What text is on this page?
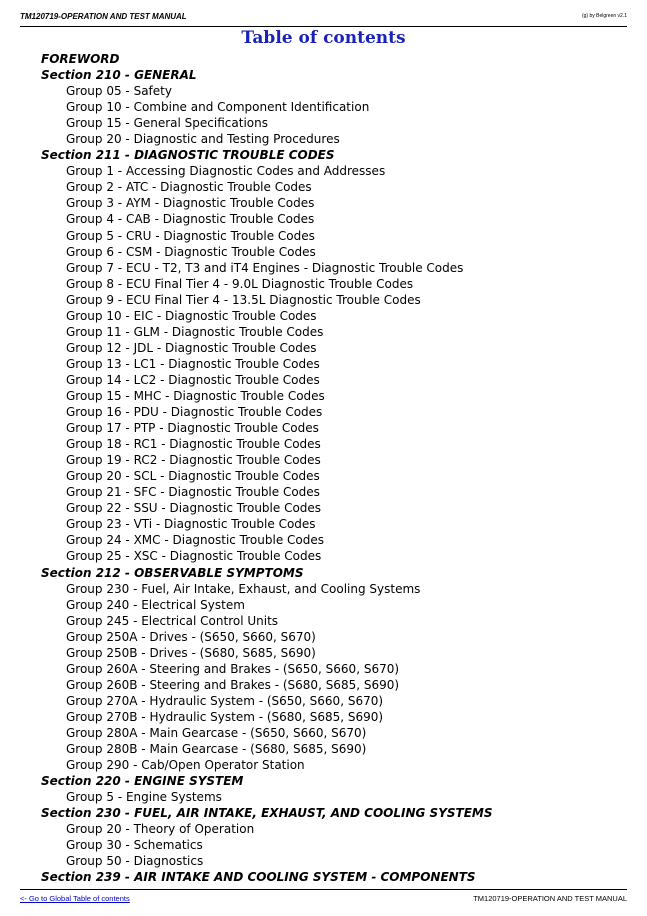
TM120719-OPERATION AND TEST MANUAL	(g) by Belgreen v2.1
Table of contents
FOREWORD
Section 210 - GENERAL
Group 05 - Safety
Group 10 - Combine and Component Identification
Group 15 - General Specifications
Group 20 - Diagnostic and Testing Procedures
Section 211 - DIAGNOSTIC TROUBLE CODES
Group 1 - Accessing Diagnostic Codes and Addresses
Group 2 - ATC - Diagnostic Trouble Codes
Group 3 - AYM - Diagnostic Trouble Codes
Group 4 - CAB - Diagnostic Trouble Codes
Group 5 - CRU - Diagnostic Trouble Codes
Group 6 - CSM - Diagnostic Trouble Codes
Group 7 - ECU - T2, T3 and iT4 Engines - Diagnostic Trouble Codes
Group 8 - ECU Final Tier 4 - 9.0L Diagnostic Trouble Codes
Group 9 - ECU Final Tier 4 - 13.5L Diagnostic Trouble Codes
Group 10 - EIC - Diagnostic Trouble Codes
Group 11 - GLM - Diagnostic Trouble Codes
Group 12 - JDL - Diagnostic Trouble Codes
Group 13 - LC1 - Diagnostic Trouble Codes
Group 14 - LC2 - Diagnostic Trouble Codes
Group 15 - MHC - Diagnostic Trouble Codes
Group 16 - PDU - Diagnostic Trouble Codes
Group 17 - PTP - Diagnostic Trouble Codes
Group 18 - RC1 - Diagnostic Trouble Codes
Group 19 - RC2 - Diagnostic Trouble Codes
Group 20 - SCL - Diagnostic Trouble Codes
Group 21 - SFC - Diagnostic Trouble Codes
Group 22 - SSU - Diagnostic Trouble Codes
Group 23 - VTi - Diagnostic Trouble Codes
Group 24 - XMC - Diagnostic Trouble Codes
Group 25 - XSC - Diagnostic Trouble Codes
Section 212 - OBSERVABLE SYMPTOMS
Group 230 - Fuel, Air Intake, Exhaust, and Cooling Systems
Group 240 - Electrical System
Group 245 - Electrical Control Units
Group 250A - Drives - (S650, S660, S670)
Group 250B - Drives - (S680, S685, S690)
Group 260A - Steering and Brakes - (S650, S660, S670)
Group 260B - Steering and Brakes - (S680, S685, S690)
Group 270A - Hydraulic System - (S650, S660, S670)
Group 270B - Hydraulic System - (S680, S685, S690)
Group 280A - Main Gearcase - (S650, S660, S670)
Group 280B - Main Gearcase - (S680, S685, S690)
Group 290 - Cab/Open Operator Station
Section 220 - ENGINE SYSTEM
Group 5 - Engine Systems
Section 230 - FUEL, AIR INTAKE, EXHAUST, AND COOLING SYSTEMS
Group 20 - Theory of Operation
Group 30 - Schematics
Group 50 - Diagnostics
Section 239 - AIR INTAKE AND COOLING SYSTEM - COMPONENTS
<- Go to Global Table of contents	TM120719-OPERATION AND TEST MANUAL
